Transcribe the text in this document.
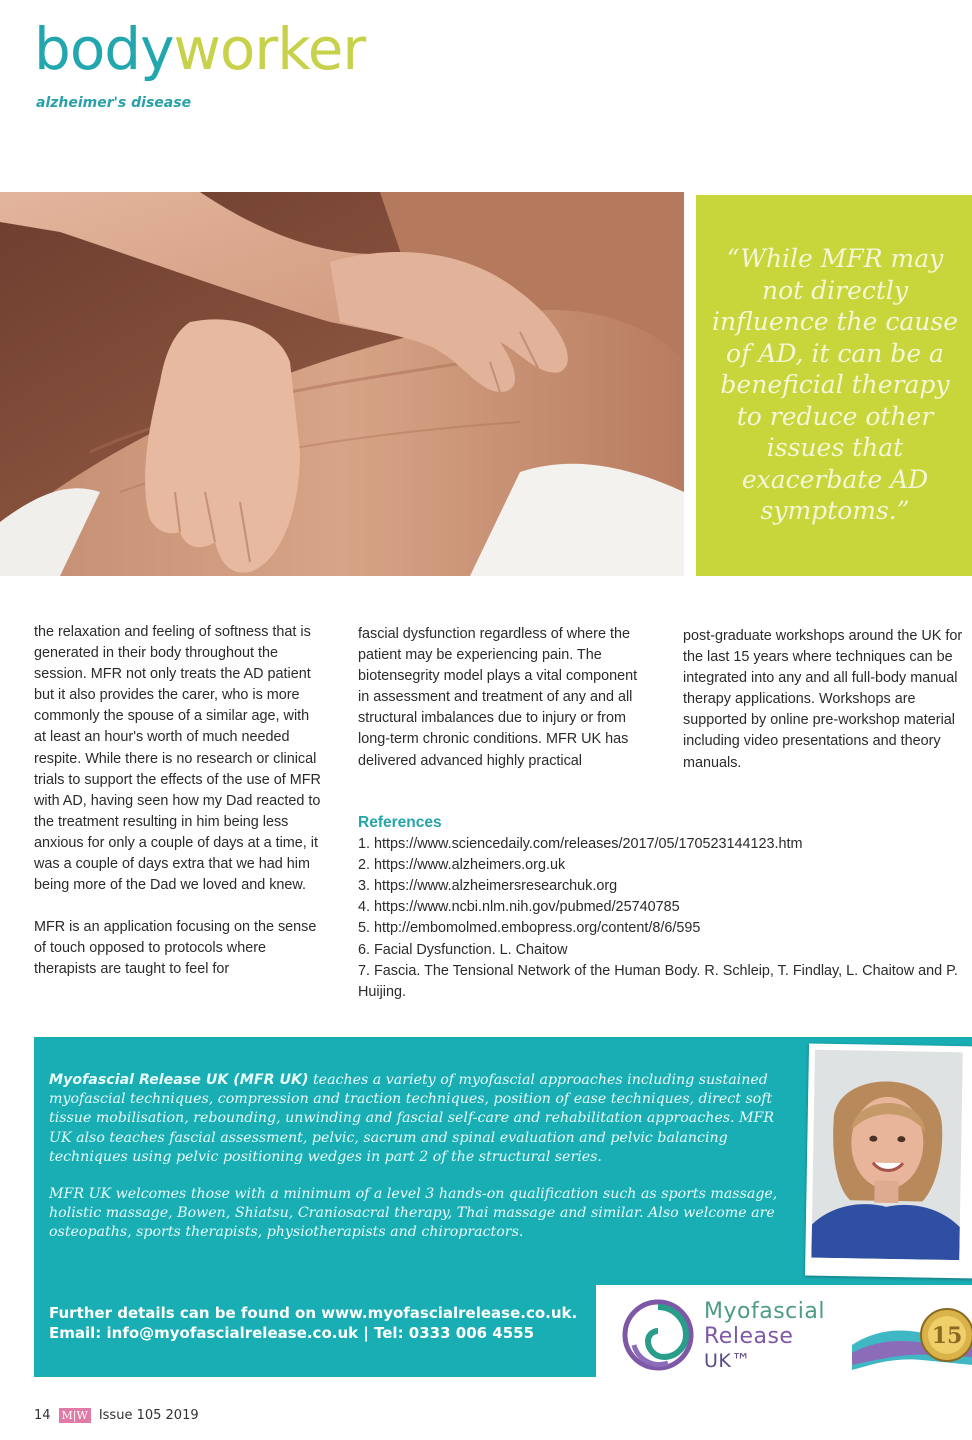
bodyworker
alzheimer's disease
“While MFR may not directly influence the cause of AD, it can be a beneficial therapy to reduce other issues that exacerbate AD symptoms.”

the relaxation and feeling of softness that is generated in their body throughout the session. MFR not only treats the AD patient but it also provides the carer, who is more commonly the spouse of a similar age, with at least an hour's worth of much needed respite. While there is no research or clinical trials to support the effects of the use of MFR with AD, having seen how my Dad reacted to the treatment resulting in him being less anxious for only a couple of days at a time, it was a couple of days extra that we had him being more of the Dad we loved and knew.

MFR is an application focusing on the sense of touch opposed to protocols where therapists are taught to feel for

fascial dysfunction regardless of where the patient may be experiencing pain. The biotensegrity model plays a vital component in assessment and treatment of any and all structural imbalances due to injury or from long-term chronic conditions. MFR UK has delivered advanced highly practical

post-graduate workshops around the UK for the last 15 years where techniques can be integrated into any and all full-body manual therapy applications. Workshops are supported by online pre-workshop material including video presentations and theory manuals.

References

1. https://www.sciencedaily.com/releases/2017/05/170523144123.htm

2. https://www.alzheimers.org.uk

3. https://www.alzheimersresearchuk.org

4. https://www.ncbi.nlm.nih.gov/pubmed/25740785

5. http://embomolmed.embopress.org/content/8/6/595

6. Facial Dysfunction. L. Chaitow

7. Fascia. The Tensional Network of the Human Body. R. Schleip, T. Findlay, L. Chaitow and P. Huijing.

Myofascial Release UK (MFR UK) teaches a variety of myofascial approaches including sustained myofascial techniques, compression and traction techniques, position of ease techniques, direct soft tissue mobilisation, rebounding, unwinding and fascial self-care and rehabilitation approaches. MFR UK also teaches fascial assessment, pelvic, sacrum and spinal evaluation and pelvic balancing techniques using pelvic positioning wedges in part 2 of the structural series.

MFR UK welcomes those with a minimum of a level 3 hands-on qualification such as sports massage, holistic massage, Bowen, Shiatsu, Craniosacral therapy, Thai massage and similar. Also welcome are osteopaths, sports therapists, physiotherapists and chiropractors.

Further details can be found on www.myofascialrelease.co.uk.
Email: info@myofascialrelease.co.uk | Tel: 0333 006 4555
Myofascial
Release
UK™
15
14 M|W Issue 105 2019
